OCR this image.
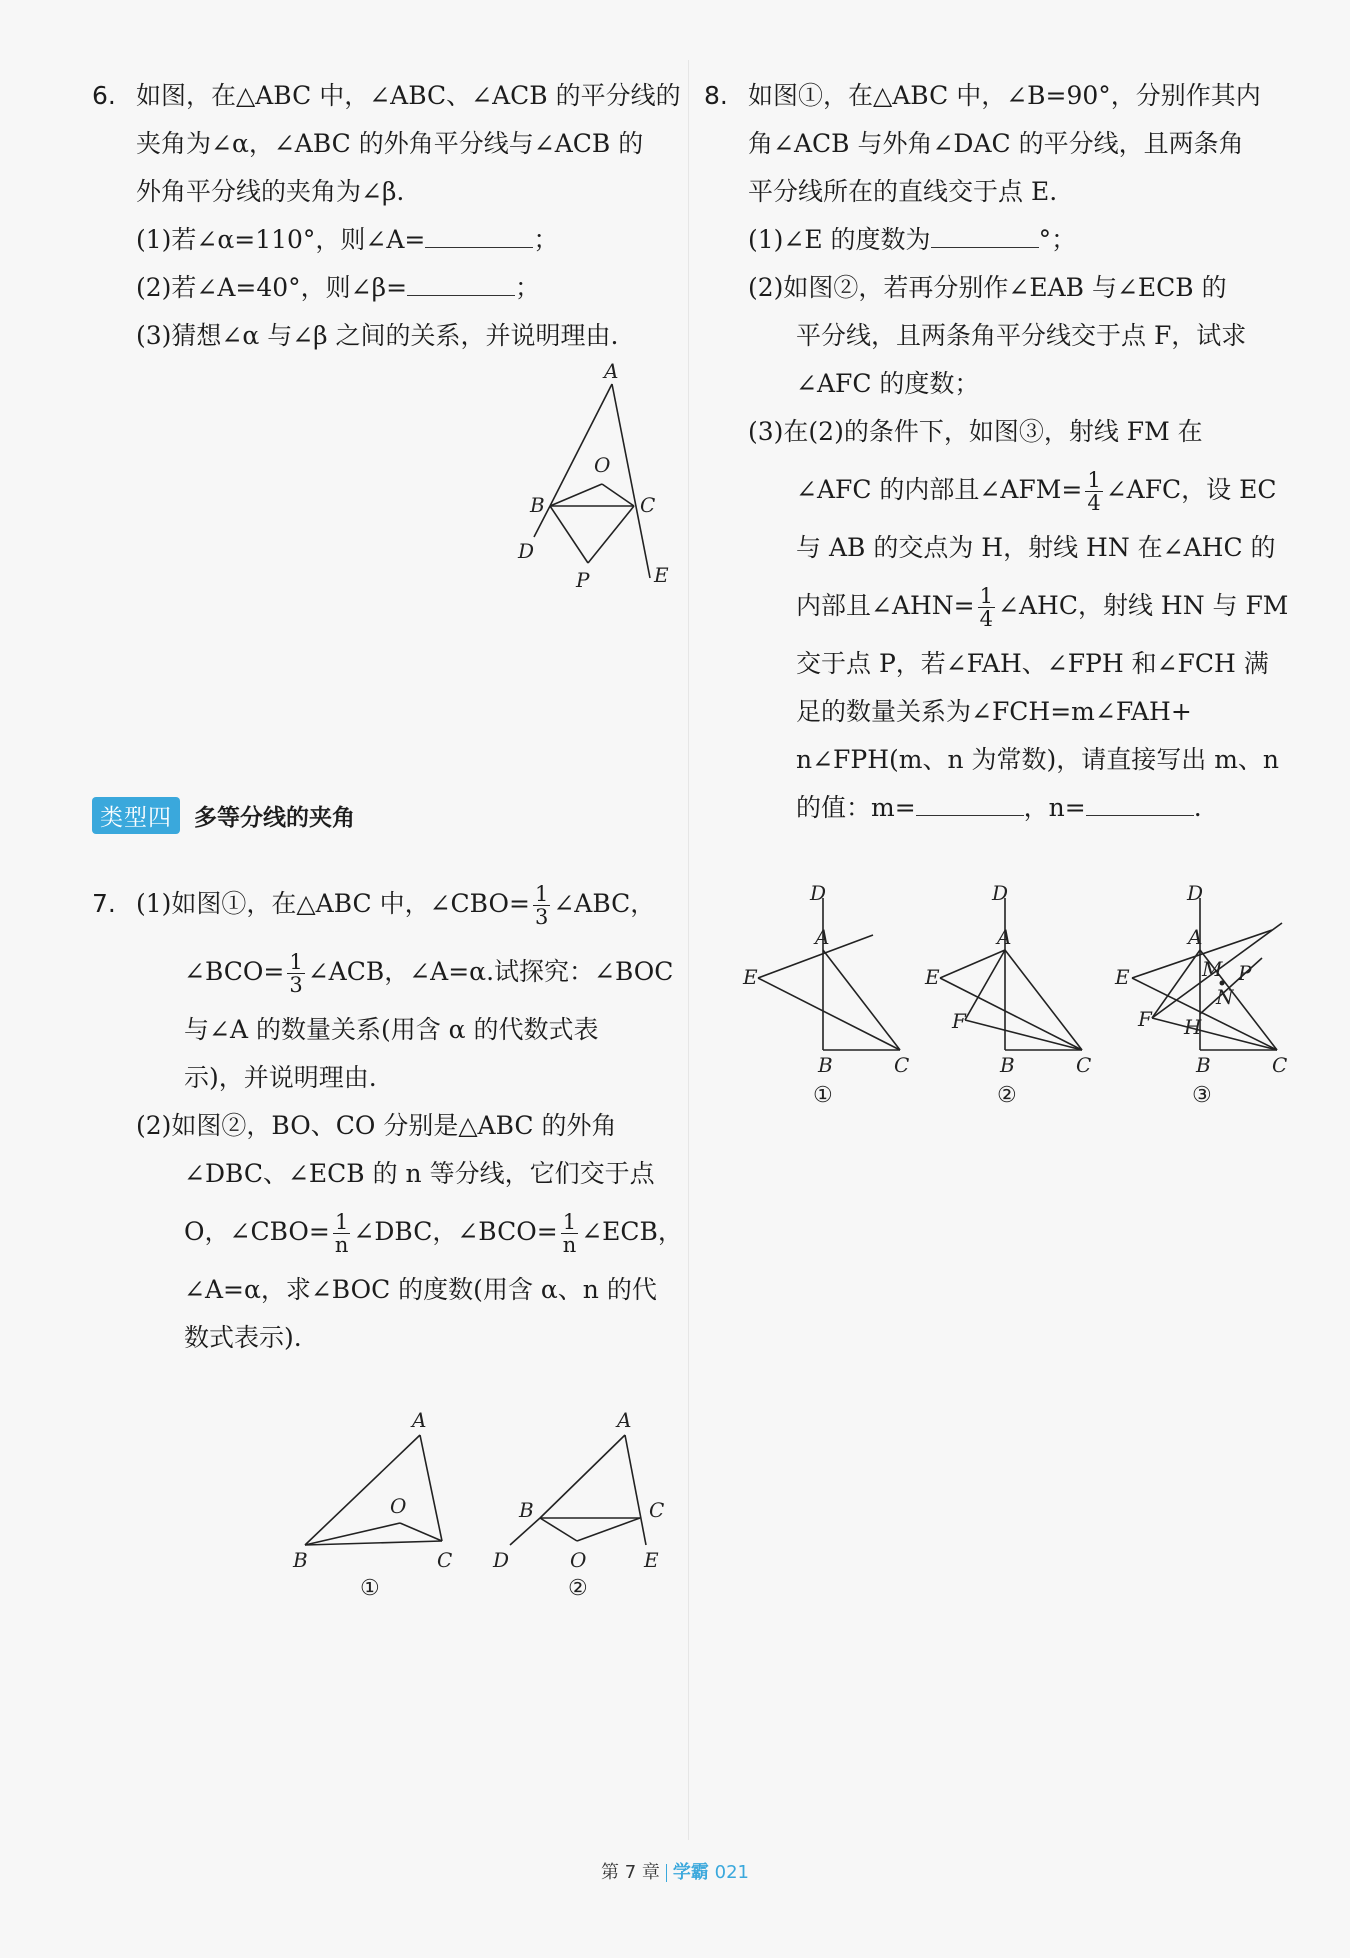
6. 如图，在△ABC 中，∠ABC、∠ACB 的平分线的
夹角为∠α，∠ABC 的外角平分线与∠ACB 的
外角平分线的夹角为∠β.
(1)若∠α=110°，则∠A=	；
(2)若∠A=40°，则∠β=	；
(3)猜想∠α 与∠β 之间的关系，并说明理由.
A
O
B	C
D
P	E
类型四 多等分线的夹角
7. (1)如图①，在△ABC 中，∠CBO= $\frac{1}{3}$ ∠ABC，
∠BCO= $\frac{1}{3}$ ∠ACB，∠A=α.试探究：∠BOC
与∠A 的数量关系(用含 α 的代数式表
示)，并说明理由.
(2)如图②，BO、CO 分别是△ABC 的外角
∠DBC、∠ECB 的 n 等分线，它们交于点
O，∠CBO= $\frac{1}{n}$ ∠DBC，∠BCO= $\frac{1}{n}$ ∠ECB，
∠A=α，求∠BOC 的度数(用含 α、n 的代
数式表示).
A
O
B	C
①
A
B	C
D	O	E
②
8. 如图①，在△ABC 中，∠B=90°，分别作其内
角∠ACB 与外角∠DAC 的平分线，且两条角
平分线所在的直线交于点 E.
(1)∠E 的度数为	°；
(2)如图②，若再分别作∠EAB 与∠ECB 的
平分线，且两条角平分线交于点 F，试求
∠AFC 的度数；
(3)在(2)的条件下，如图③，射线 FM 在
∠AFC 的内部且∠AFM= $\frac{1}{4}$ ∠AFC，设 EC
与 AB 的交点为 H，射线 HN 在∠AHC 的
内部且∠AHN= $\frac{1}{4}$ ∠AHC，射线 HN 与 FM
交于点 P，若∠FAH、∠FPH 和∠FCH 满
足的数量关系为∠FCH=m∠FAH+
n∠FPH(m、n 为常数)，请直接写出 m、n
的值：m=	，n=	.
D
A
E
B	C
①
D
A
E
F
B	C
②
D
A
E	M P
N
F H
B	C
③
第 7 章 学霸 021
